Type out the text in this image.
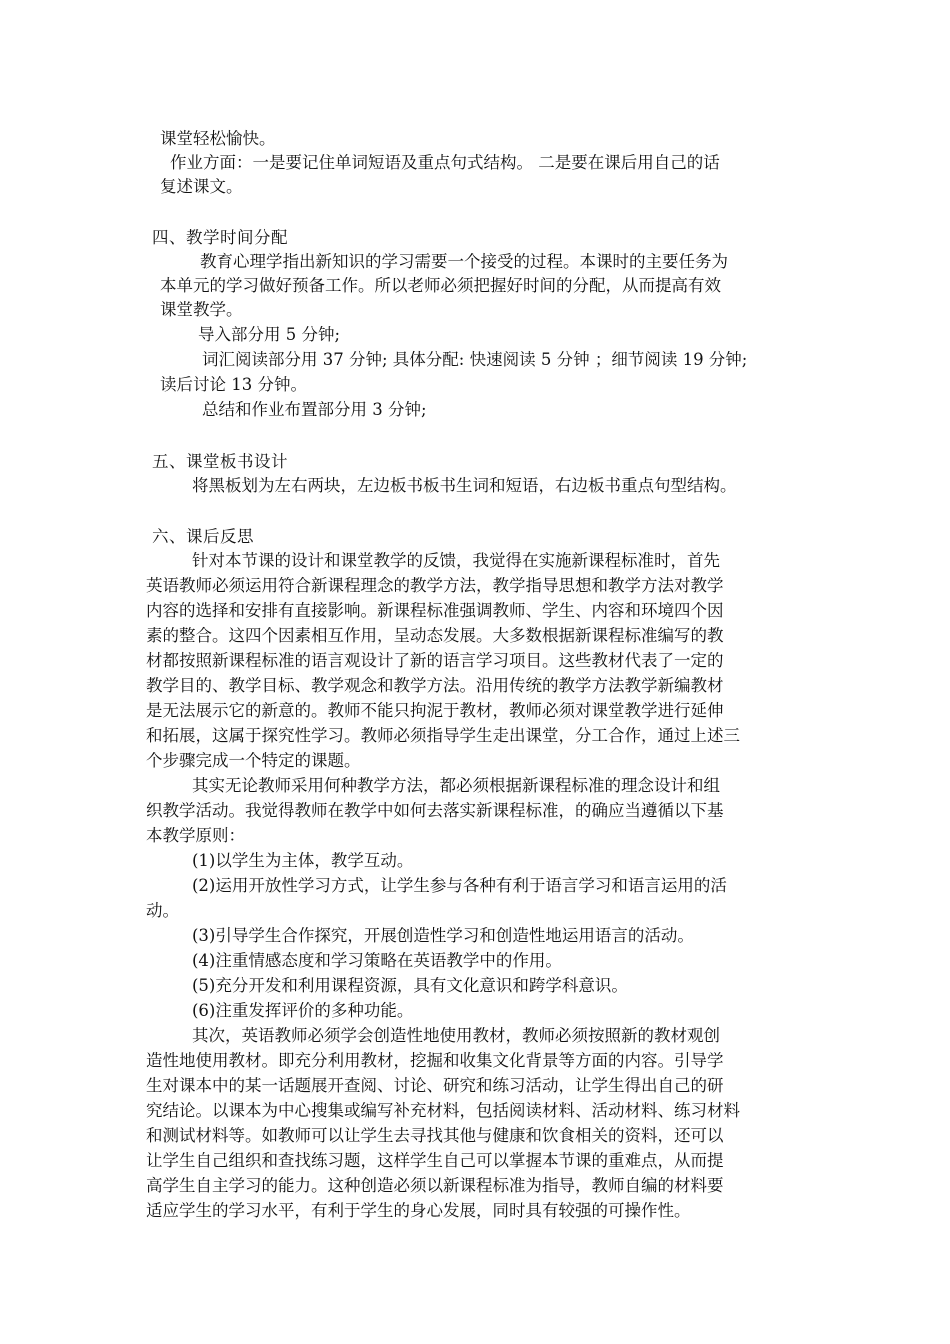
课堂轻松愉快。
作业方面：一是要记住单词短语及重点句式结构。 二是要在课后用自己的话
复述课文。
四、教学时间分配
教育心理学指出新知识的学习需要一个接受的过程。本课时的主要任务为
本单元的学习做好预备工作。所以老师必须把握好时间的分配，从而提高有效
课堂教学。
导入部分用 5 分钟;
词汇阅读部分用 37 分钟; 具体分配: 快速阅读 5 分钟 ；细节阅读 19 分钟;
读后讨论 13 分钟。
总结和作业布置部分用 3 分钟;
五、课堂板书设计
将黑板划为左右两块，左边板书板书生词和短语，右边板书重点句型结构。
六、课后反思
针对本节课的设计和课堂教学的反馈，我觉得在实施新课程标准时，首先
英语教师必须运用符合新课程理念的教学方法，教学指导思想和教学方法对教学
内容的选择和安排有直接影响。新课程标准强调教师、学生、内容和环境四个因
素的整合。这四个因素相互作用，呈动态发展。大多数根据新课程标准编写的教
材都按照新课程标准的语言观设计了新的语言学习项目。这些教材代表了一定的
教学目的、教学目标、教学观念和教学方法。沿用传统的教学方法教学新编教材
是无法展示它的新意的。教师不能只拘泥于教材，教师必须对课堂教学进行延伸
和拓展，这属于探究性学习。教师必须指导学生走出课堂，分工合作，通过上述三
个步骤完成一个特定的课题。
其实无论教师采用何种教学方法，都必须根据新课程标准的理念设计和组
织教学活动。我觉得教师在教学中如何去落实新课程标准，的确应当遵循以下基
本教学原则：
(1)以学生为主体，教学互动。
(2)运用开放性学习方式，让学生参与各种有利于语言学习和语言运用的活
动。
(3)引导学生合作探究，开展创造性学习和创造性地运用语言的活动。
(4)注重情感态度和学习策略在英语教学中的作用。
(5)充分开发和利用课程资源，具有文化意识和跨学科意识。
(6)注重发挥评价的多种功能。
其次，英语教师必须学会创造性地使用教材，教师必须按照新的教材观创
造性地使用教材。即充分利用教材，挖掘和收集文化背景等方面的内容。引导学
生对课本中的某一话题展开查阅、讨论、研究和练习活动，让学生得出自己的研
究结论。以课本为中心搜集或编写补充材料，包括阅读材料、活动材料、练习材料
和测试材料等。如教师可以让学生去寻找其他与健康和饮食相关的资料，还可以
让学生自己组织和查找练习题，这样学生自己可以掌握本节课的重难点，从而提
高学生自主学习的能力。这种创造必须以新课程标准为指导，教师自编的材料要
适应学生的学习水平，有利于学生的身心发展，同时具有较强的可操作性。
